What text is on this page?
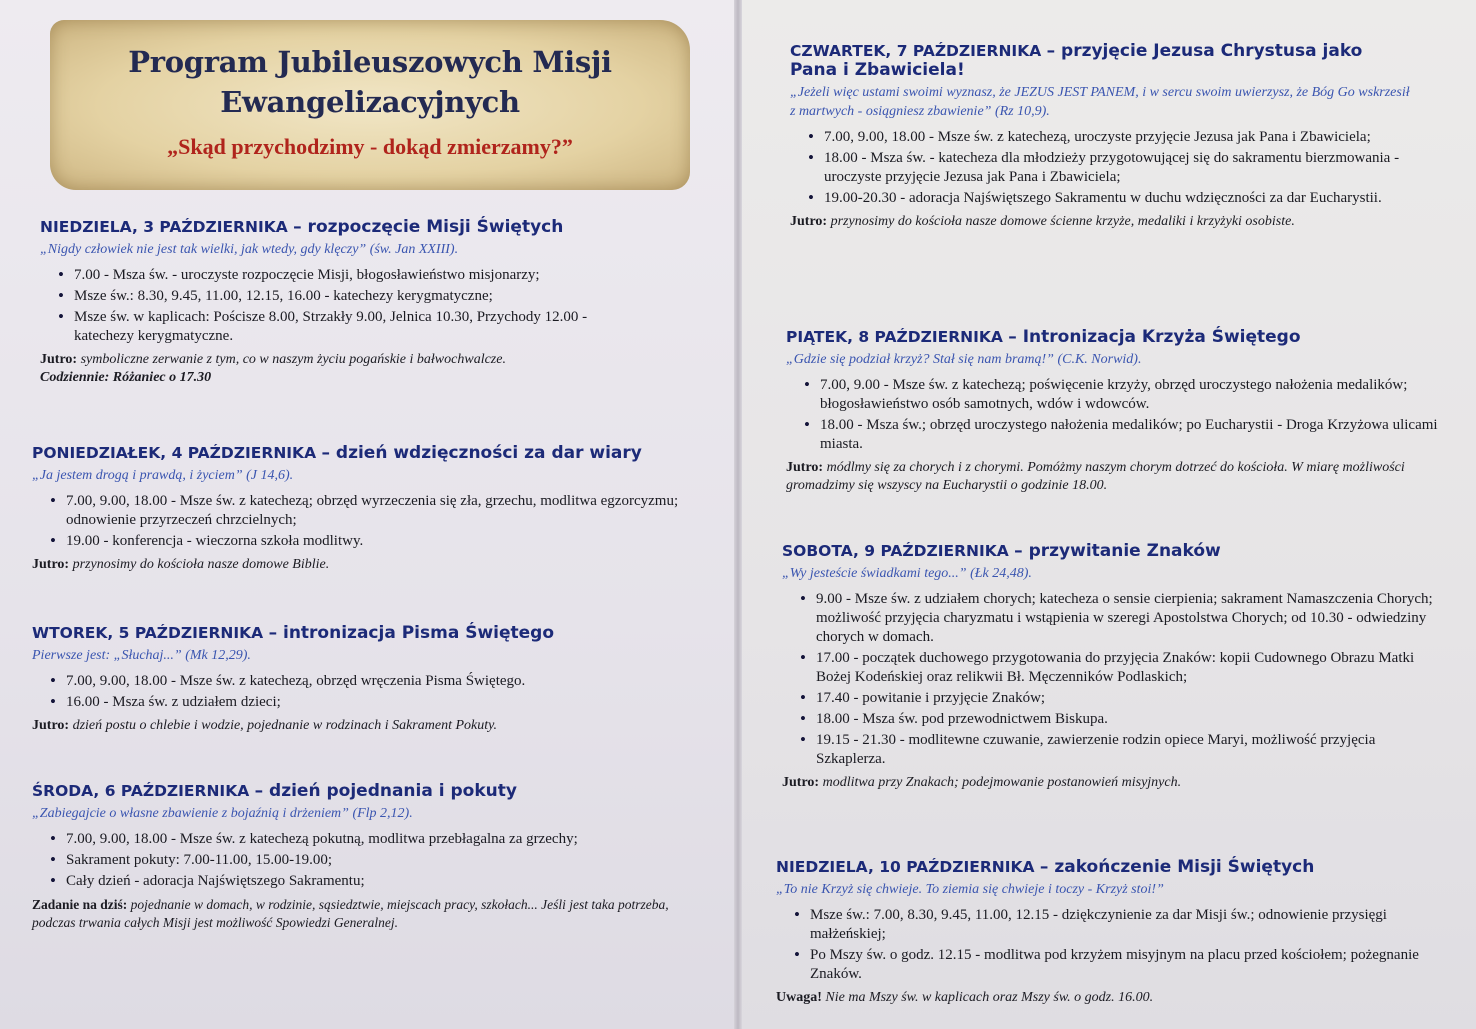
Program Jubileuszowych Misji
Ewangelizacyjnych
„Skąd przychodzimy - dokąd zmierzamy?”
NIEDZIELA, 3 PAŹDZIERNIKA – rozpoczęcie Misji Świętych
„Nigdy człowiek nie jest tak wielki, jak wtedy, gdy klęczy” (św. Jan XXIII).
• 7.00 - Msza św. - uroczyste rozpoczęcie Misji, błogosławieństwo misjonarzy;
• Msze św.: 8.30, 9.45, 11.00, 12.15, 16.00 - katechezy kerygmatyczne;
• Msze św. w kaplicach: Pościsze 8.00, Strzakły 9.00, Jelnica 10.30, Przychody 12.00 - katechezy kerygmatyczne.
Jutro: symboliczne zerwanie z tym, co w naszym życiu pogańskie i bałwochwalcze.
Codziennie: Różaniec o 17.30
PONIEDZIAŁEK, 4 PAŹDZIERNIKA – dzień wdzięczności za dar wiary
„Ja jestem drogą i prawdą, i życiem” (J 14,6).
• 7.00, 9.00, 18.00 - Msze św. z katechezą; obrzęd wyrzeczenia się zła, grzechu, modlitwa egzorcyzmu; odnowienie przyrzeczeń chrzcielnych;
• 19.00 - konferencja - wieczorna szkoła modlitwy.
Jutro: przynosimy do kościoła nasze domowe Biblie.
WTOREK, 5 PAŹDZIERNIKA – intronizacja Pisma Świętego
Pierwsze jest: „Słuchaj...” (Mk 12,29).
• 7.00, 9.00, 18.00 - Msze św. z katechezą, obrzęd wręczenia Pisma Świętego.
• 16.00 - Msza św. z udziałem dzieci;
Jutro: dzień postu o chlebie i wodzie, pojednanie w rodzinach i Sakrament Pokuty.
ŚRODA, 6 PAŹDZIERNIKA – dzień pojednania i pokuty
„Zabiegajcie o własne zbawienie z bojaźnią i drżeniem” (Flp 2,12).
• 7.00, 9.00, 18.00 - Msze św. z katechezą pokutną, modlitwa przebłagalna za grzechy;
• Sakrament pokuty: 7.00-11.00, 15.00-19.00;
• Cały dzień - adoracja Najświętszego Sakramentu;
Zadanie na dziś: pojednanie w domach, w rodzinie, sąsiedztwie, miejscach pracy, szkołach... Jeśli jest taka potrzeba, podczas trwania całych Misji jest możliwość Spowiedzi Generalnej.
CZWARTEK, 7 PAŹDZIERNIKA – przyjęcie Jezusa Chrystusa jako Pana i Zbawiciela!
„Jeżeli więc ustami swoimi wyznasz, że JEZUS JEST PANEM, i w sercu swoim uwierzysz, że Bóg Go wskrzesił z martwych - osiągniesz zbawienie” (Rz 10,9).
• 7.00, 9.00, 18.00 - Msze św. z katechezą, uroczyste przyjęcie Jezusa jak Pana i Zbawiciela;
• 18.00 - Msza św. - katecheza dla młodzieży przygotowującej się do sakramentu bierzmowania - uroczyste przyjęcie Jezusa jak Pana i Zbawiciela;
• 19.00-20.30 - adoracja Najświętszego Sakramentu w duchu wdzięczności za dar Eucharystii.
Jutro: przynosimy do kościoła nasze domowe ścienne krzyże, medaliki i krzyżyki osobiste.
PIĄTEK, 8 PAŹDZIERNIKA – Intronizacja Krzyża Świętego
„Gdzie się podział krzyż? Stał się nam bramą!” (C.K. Norwid).
• 7.00, 9.00 - Msze św. z katechezą; poświęcenie krzyży, obrzęd uroczystego nałożenia medalików; błogosławieństwo osób samotnych, wdów i wdowców.
• 18.00 - Msza św.; obrzęd uroczystego nałożenia medalików; po Eucharystii - Droga Krzyżowa ulicami miasta.
Jutro: módlmy się za chorych i z chorymi. Pomóżmy naszym chorym dotrzeć do kościoła. W miarę możliwości gromadzimy się wszyscy na Eucharystii o godzinie 18.00.
SOBOTA, 9 PAŹDZIERNIKA – przywitanie Znaków
„Wy jesteście świadkami tego...” (Łk 24,48).
• 9.00 - Msze św. z udziałem chorych; katecheza o sensie cierpienia; sakrament Namaszczenia Chorych; możliwość przyjęcia charyzmatu i wstąpienia w szeregi Apostolstwa Chorych; od 10.30 - odwiedziny chorych w domach.
• 17.00 - początek duchowego przygotowania do przyjęcia Znaków: kopii Cudownego Obrazu Matki Bożej Kodeńskiej oraz relikwii Bł. Męczenników Podlaskich;
• 17.40 - powitanie i przyjęcie Znaków;
• 18.00 - Msza św. pod przewodnictwem Biskupa.
• 19.15 - 21.30 - modlitewne czuwanie, zawierzenie rodzin opiece Maryi, możliwość przyjęcia Szkaplerza.
Jutro: modlitwa przy Znakach; podejmowanie postanowień misyjnych.
NIEDZIELA, 10 PAŹDZIERNIKA – zakończenie Misji Świętych
„To nie Krzyż się chwieje. To ziemia się chwieje i toczy - Krzyż stoi!”
• Msze św.: 7.00, 8.30, 9.45, 11.00, 12.15 - dziękczynienie za dar Misji św.; odnowienie przysięgi małżeńskiej;
• Po Mszy św. o godz. 12.15 - modlitwa pod krzyżem misyjnym na placu przed kościołem; pożegnanie Znaków.
Uwaga! Nie ma Mszy św. w kaplicach oraz Mszy św. o godz. 16.00.
